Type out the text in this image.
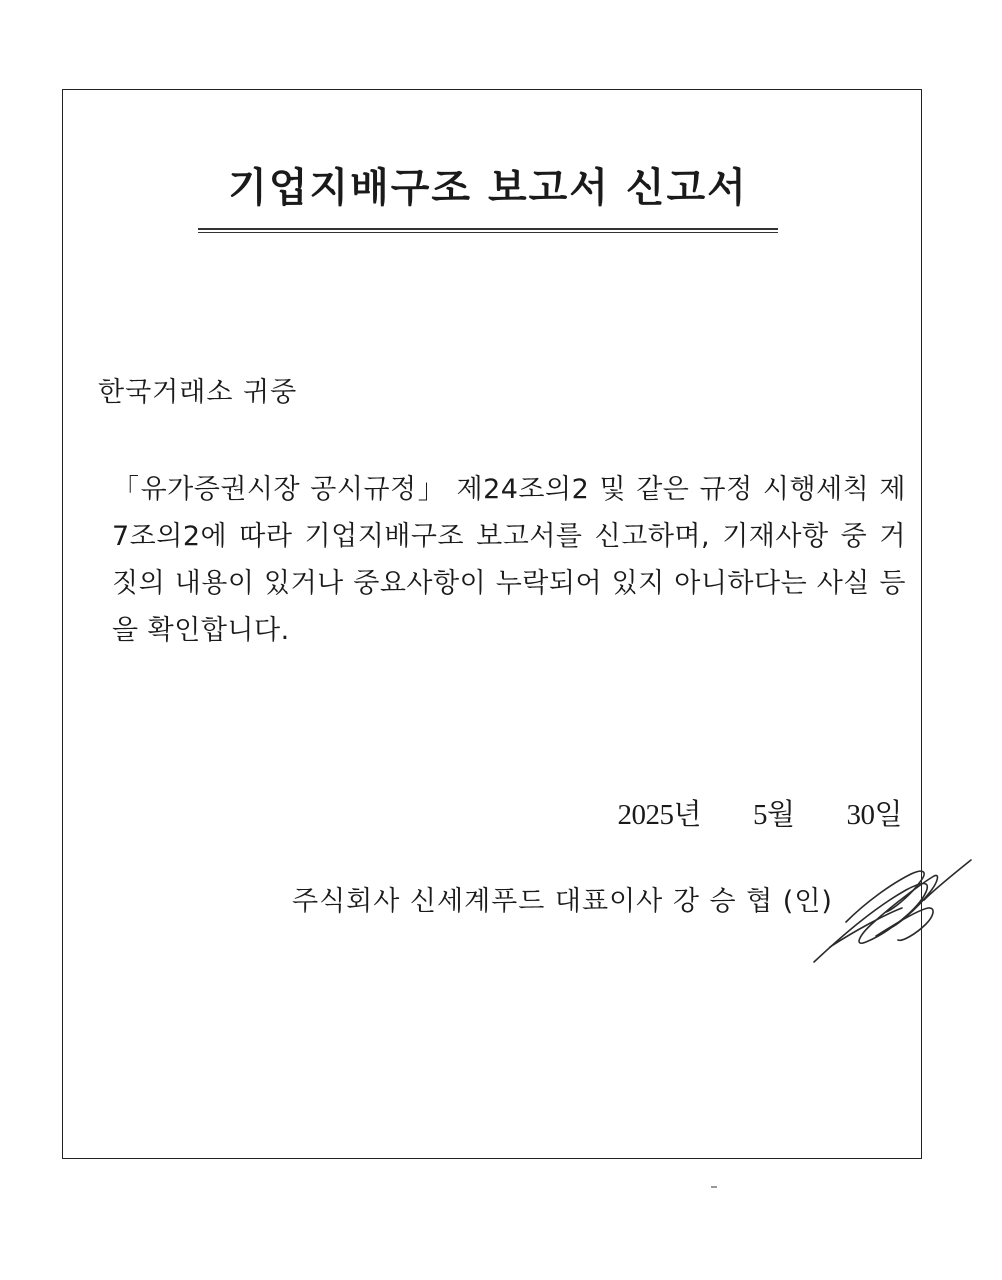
기업지배구조 보고서 신고서
한국거래소 귀중
「유가증권시장 공시규정」 제24조의2 및 같은 규정 시행세칙 제7조의2에 따라 기업지배구조 보고서를 신고하며, 기재사항 중 거짓의 내용이 있거나 중요사항이 누락되어 있지 아니하다는 사실 등을 확인합니다.
2025년 5월 30일
주식회사 신세계푸드 대표이사 강 승 협 (인)
